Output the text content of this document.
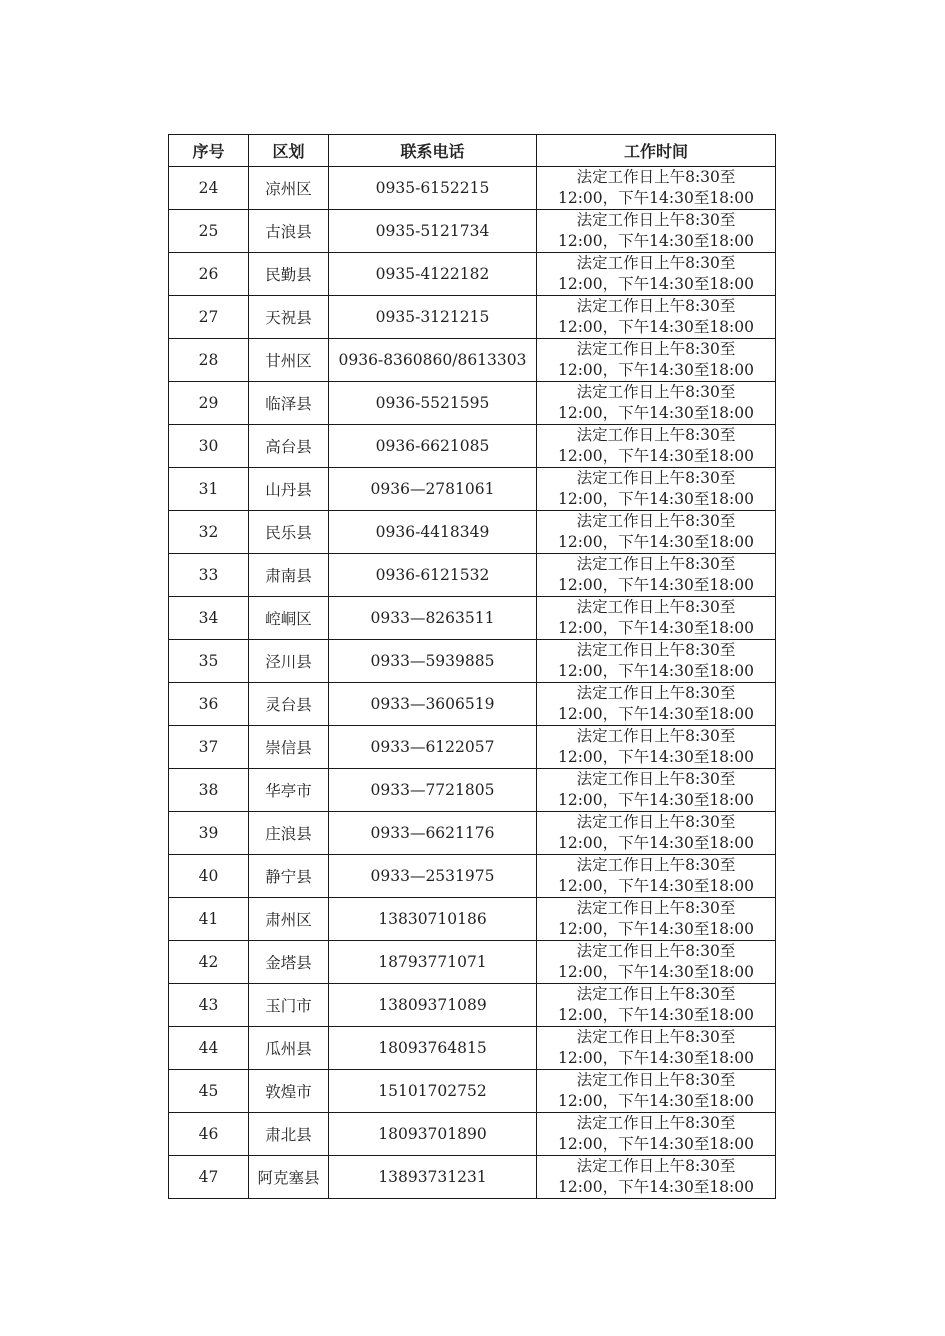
序号	区划	联系电话	工作时间
24	凉州区	0935-6152215	法定工作日上午8:30至
12:00，下午14:30至18:00

25	古浪县	0935-5121734	法定工作日上午8:30至
12:00，下午14:30至18:00

26	民勤县	0935-4122182	法定工作日上午8:30至
12:00，下午14:30至18:00

27	天祝县	0935-3121215	法定工作日上午8:30至
12:00，下午14:30至18:00

28	甘州区	0936-8360860/8613303	法定工作日上午8:30至
12:00，下午14:30至18:00

29	临泽县	0936-5521595	法定工作日上午8:30至
12:00，下午14:30至18:00

30	高台县	0936-6621085	法定工作日上午8:30至
12:00，下午14:30至18:00

31	山丹县	0936—2781061	法定工作日上午8:30至
12:00，下午14:30至18:00

32	民乐县	0936-4418349	法定工作日上午8:30至
12:00，下午14:30至18:00

33	肃南县	0936-6121532	法定工作日上午8:30至
12:00，下午14:30至18:00

34	崆峒区	0933—8263511	法定工作日上午8:30至
12:00，下午14:30至18:00

35	泾川县	0933—5939885	法定工作日上午8:30至
12:00，下午14:30至18:00

36	灵台县	0933—3606519	法定工作日上午8:30至
12:00，下午14:30至18:00

37	崇信县	0933—6122057	法定工作日上午8:30至
12:00，下午14:30至18:00

38	华亭市	0933—7721805	法定工作日上午8:30至
12:00，下午14:30至18:00

39	庄浪县	0933—6621176	法定工作日上午8:30至
12:00，下午14:30至18:00

40	静宁县	0933—2531975	法定工作日上午8:30至
12:00，下午14:30至18:00

41	肃州区	13830710186	法定工作日上午8:30至
12:00，下午14:30至18:00

42	金塔县	18793771071	法定工作日上午8:30至
12:00，下午14:30至18:00

43	玉门市	13809371089	法定工作日上午8:30至
12:00，下午14:30至18:00

44	瓜州县	18093764815	法定工作日上午8:30至
12:00，下午14:30至18:00

45	敦煌市	15101702752	法定工作日上午8:30至
12:00，下午14:30至18:00

46	肃北县	18093701890	法定工作日上午8:30至
12:00，下午14:30至18:00

47	阿克塞县	13893731231	法定工作日上午8:30至
12:00，下午14:30至18:00
